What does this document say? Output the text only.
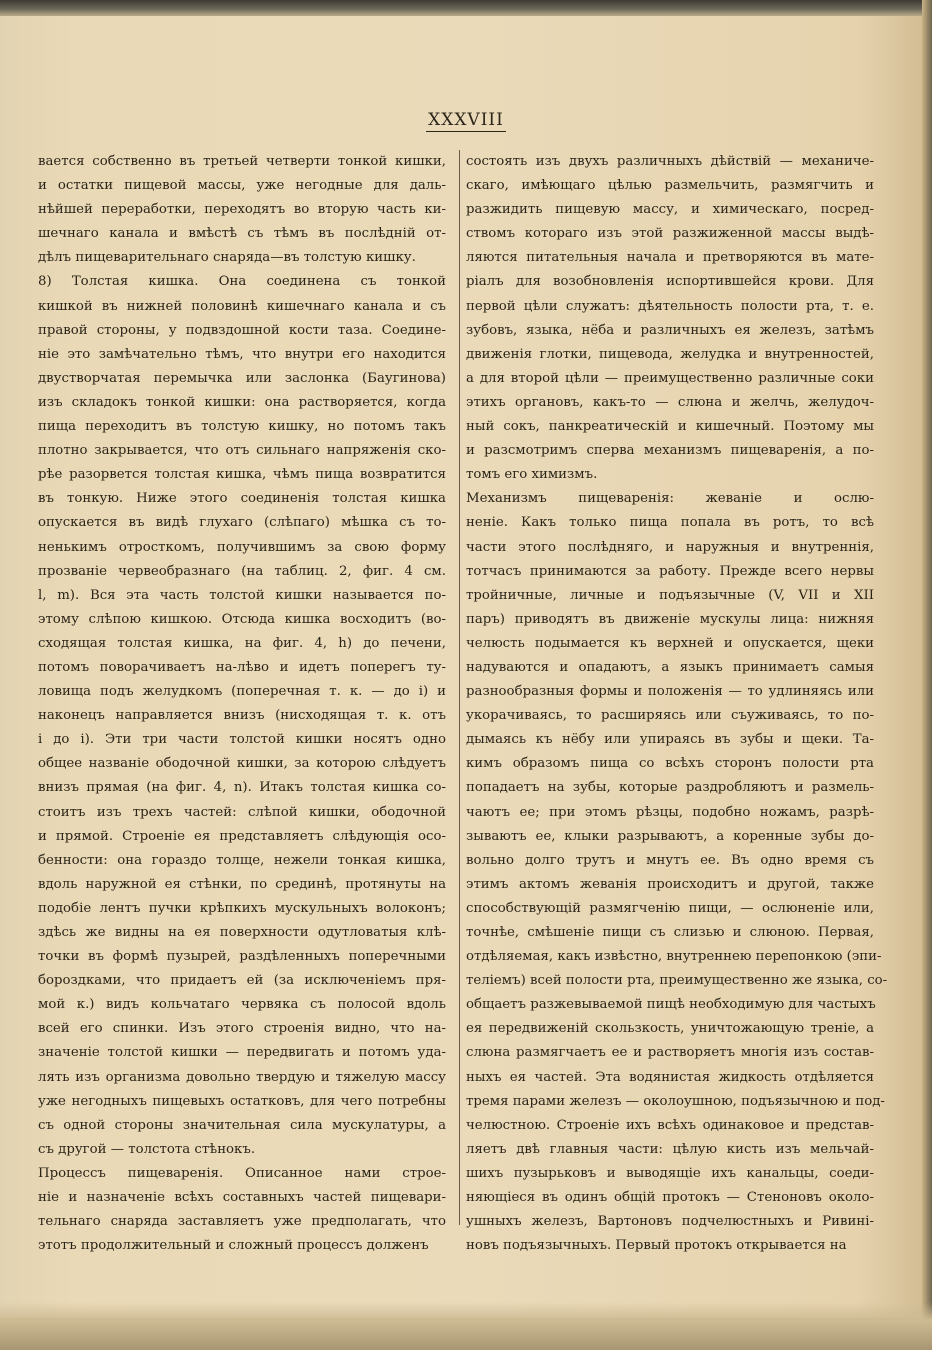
XXXVIII
вается собственно въ третьей четверти тонкой кишки,
и остатки пищевой массы, уже негодные для даль-
нѣйшей переработки, переходятъ во вторую часть ки-
шечнаго канала и вмѣстѣ съ тѣмъ въ послѣдній от-
дѣлъ пищеварительнаго снаряда—въ толстую кишку.
8) Толстая кишка. Она соединена съ тонкой
кишкой въ нижней половинѣ кишечнаго канала и съ
правой стороны, у подвздошной кости таза. Соедине-
ніе это замѣчательно тѣмъ, что внутри его находится
двустворчатая перемычка или заслонка (Баугинова)
изъ складокъ тонкой кишки: она растворяется, когда
пища переходитъ въ толстую кишку, но потомъ такъ
плотно закрывается, что отъ сильнаго напряженія ско-
рѣе разорвется толстая кишка, чѣмъ пища возвратится
въ тонкую. Ниже этого соединенія толстая кишка
опускается въ видѣ глухаго (слѣпаго) мѣшка съ то-
ненькимъ отросткомъ, получившимъ за свою форму
прозваніе червеобразнаго (на таблиц. 2, фиг. 4 см.
l, m). Вся эта часть толстой кишки называется по-
этому слѣпою кишкою. Отсюда кишка восходитъ (во-
сходящая толстая кишка, на фиг. 4, h) до печени,
потомъ поворачиваетъ на-лѣво и идетъ поперегъ ту-
ловища подъ желудкомъ (поперечная т. к. — до i) и
наконецъ направляется внизъ (нисходящая т. к. отъ
i до i). Эти три части толстой кишки носятъ одно
общее названіе ободочной кишки, за которою слѣдуетъ
внизъ прямая (на фиг. 4, n). Итакъ толстая кишка со-
стоитъ изъ трехъ частей: слѣпой кишки, ободочной
и прямой. Строеніе ея представляетъ слѣдующія осо-
бенности: она гораздо толще, нежели тонкая кишка,
вдоль наружной ея стѣнки, по срединѣ, протянуты на
подобіе лентъ пучки крѣпкихъ мускульныхъ волоконъ;
здѣсь же видны на ея поверхности одутловатыя клѣ-
точки въ формѣ пузырей, раздѣленныхъ поперечными
бороздками, что придаетъ ей (за исключеніемъ пря-
мой к.) видъ кольчатаго червяка съ полосой вдоль
всей его спинки. Изъ этого строенія видно, что на-
значеніе толстой кишки — передвигать и потомъ уда-
лять изъ организма довольно твердую и тяжелую массу
уже негодныхъ пищевыхъ остатковъ, для чего потребны
съ одной стороны значительная сила мускулатуры, а
съ другой — толстота стѣнокъ.
Процессъ пищеваренія. Описанное нами строе-
ніе и назначеніе всѣхъ составныхъ частей пищевари-
тельнаго снаряда заставляетъ уже предполагать, что
этотъ продолжительный и сложный процессъ долженъ
состоять изъ двухъ различныхъ дѣйствій — механиче-
скаго, имѣющаго цѣлью размельчить, размягчить и
разжидить пищевую массу, и химическаго, посред-
ствомъ котораго изъ этой разжиженной массы выдѣ-
ляются питательныя начала и претворяются въ мате-
ріалъ для возобновленія испортившейся крови. Для
первой цѣли служатъ: дѣятельность полости рта, т. е.
зубовъ, языка, нёба и различныхъ ея железъ, затѣмъ
движенія глотки, пищевода, желудка и внутренностей,
а для второй цѣли — преимущественно различные соки
этихъ органовъ, какъ-то — слюна и желчь, желудоч-
ный сокъ, панкреатическій и кишечный. Поэтому мы
и разсмотримъ сперва механизмъ пищеваренія, а по-
томъ его химизмъ.
Механизмъ пищеваренія: жеваніе и ослю-
неніе. Какъ только пища попала въ ротъ, то всѣ
части этого послѣдняго, и наружныя и внутреннія,
тотчасъ принимаются за работу. Прежде всего нервы
тройничные, личные и подъязычные (V, VII и XII
паръ) приводятъ въ движеніе мускулы лица: нижняя
челюсть подымается къ верхней и опускается, щеки
надуваются и опадаютъ, а языкъ принимаетъ самыя
разнообразныя формы и положенія — то удлиняясь или
укорачиваясь, то расширяясь или съуживаясь, то по-
дымаясь къ нёбу или упираясь въ зубы и щеки. Та-
кимъ образомъ пища со всѣхъ сторонъ полости рта
попадаетъ на зубы, которые раздробляютъ и размель-
чаютъ ее; при этомъ рѣзцы, подобно ножамъ, разрѣ-
зываютъ ее, клыки разрываютъ, а коренные зубы до-
вольно долго трутъ и мнутъ ее. Въ одно время съ
этимъ актомъ жеванія происходитъ и другой, также
способствующій размягченію пищи, — ослюненіе или,
точнѣе, смѣшеніе пищи съ слизью и слюною. Первая,
отдѣляемая, какъ извѣстно, внутреннею перепонкою (эпи-
теліемъ) всей полости рта, преимущественно же языка, со-
общаетъ разжевываемой пищѣ необходимую для частыхъ
ея передвиженій скользкость, уничтожающую треніе, а
слюна размягчаетъ ее и растворяетъ многія изъ состав-
ныхъ ея частей. Эта водянистая жидкость отдѣляется
тремя парами железъ — околоушною, подъязычною и под-
челюстною. Строеніе ихъ всѣхъ одинаковое и представ-
ляетъ двѣ главныя части: цѣлую кисть изъ мельчай-
шихъ пузырьковъ и выводящіе ихъ канальцы, соеди-
няющіеся въ одинъ общій протокъ — Стеноновъ около-
ушныхъ железъ, Вартоновъ подчелюстныхъ и Ривинi-
новъ подъязычныхъ. Первый протокъ открывается на
